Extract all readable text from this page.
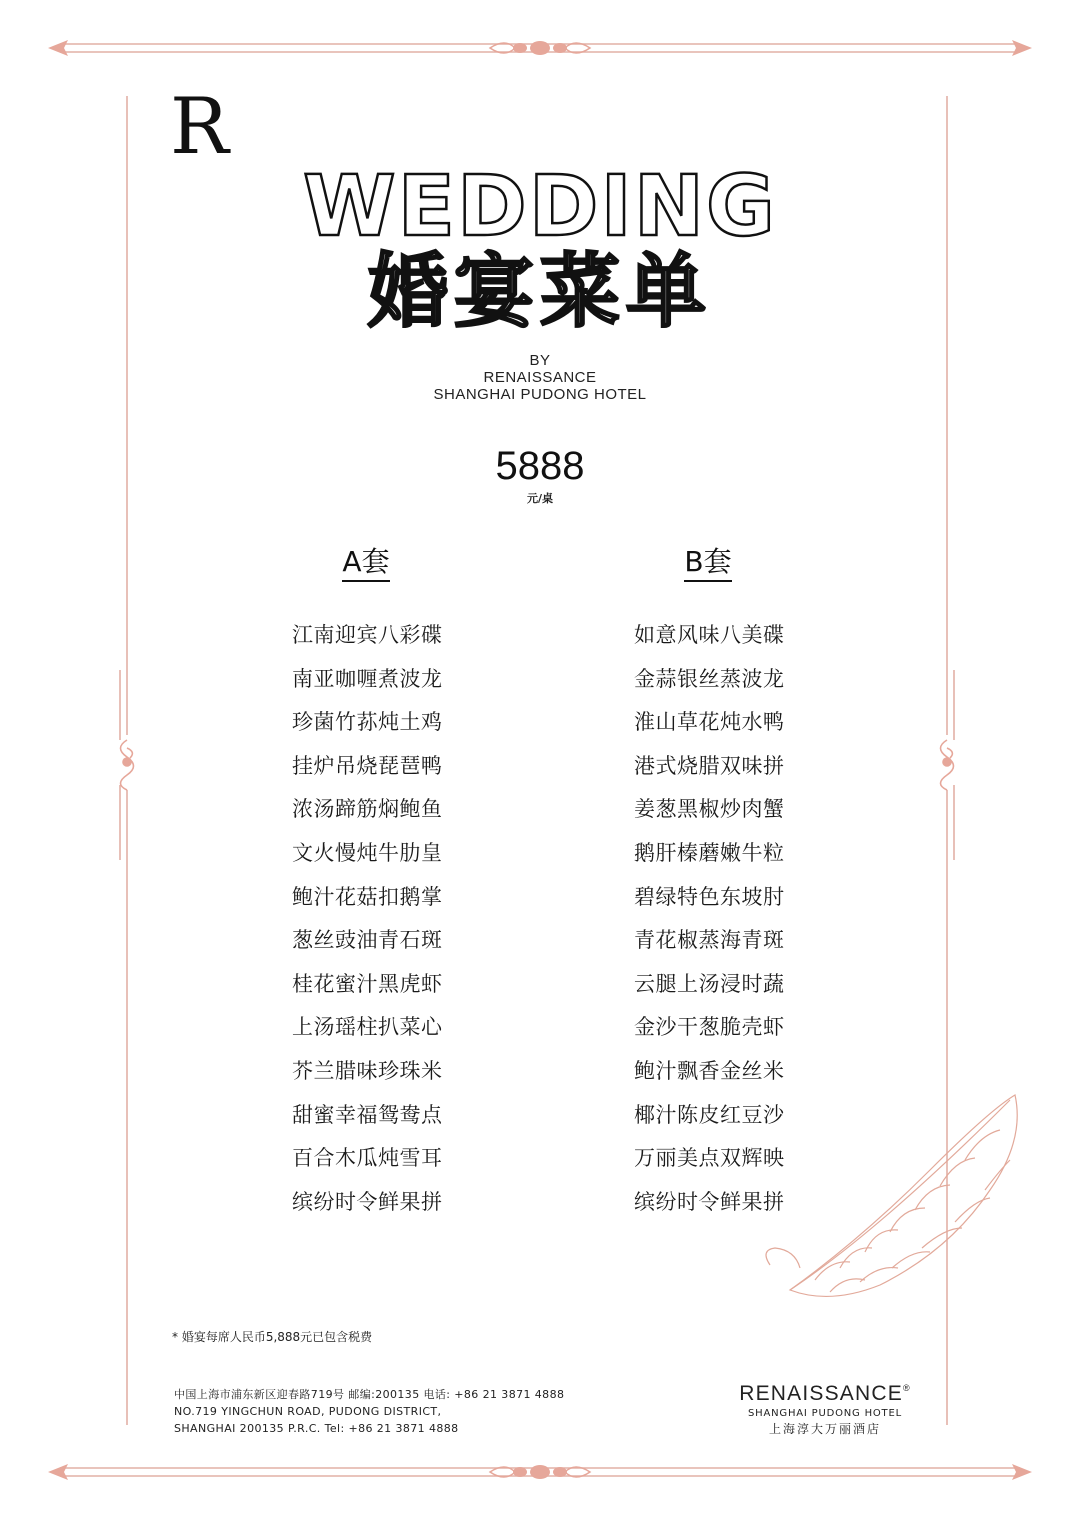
R
WEDDING
婚宴菜单
BY
RENAISSANCE
SHANGHAI PUDONG HOTEL
5888
元/桌
A套	B套
江南迎宾八彩碟
南亚咖喱煮波龙
珍菌竹荪炖土鸡
挂炉吊烧琵琶鸭
浓汤蹄筋焖鲍鱼
文火慢炖牛肋皇
鲍汁花菇扣鹅掌
葱丝豉油青石斑
桂花蜜汁黑虎虾
上汤瑶柱扒菜心
芥兰腊味珍珠米
甜蜜幸福鸳鸯点
百合木瓜炖雪耳
缤纷时令鲜果拼
如意风味八美碟
金蒜银丝蒸波龙
淮山草花炖水鸭
港式烧腊双味拼
姜葱黑椒炒肉蟹
鹅肝榛蘑嫩牛粒
碧绿特色东坡肘
青花椒蒸海青斑
云腿上汤浸时蔬
金沙干葱脆壳虾
鲍汁飘香金丝米
椰汁陈皮红豆沙
万丽美点双辉映
缤纷时令鲜果拼
* 婚宴每席人民币5,888元已包含税费
中国上海市浦东新区迎春路719号 邮编:200135 电话: +86 21 3871 4888
NO.719 YINGCHUN ROAD, PUDONG DISTRICT,
SHANGHAI 200135 P.R.C. Tel: +86 21 3871 4888
RENAISSANCE®
SHANGHAI PUDONG HOTEL
上海淳大万丽酒店
